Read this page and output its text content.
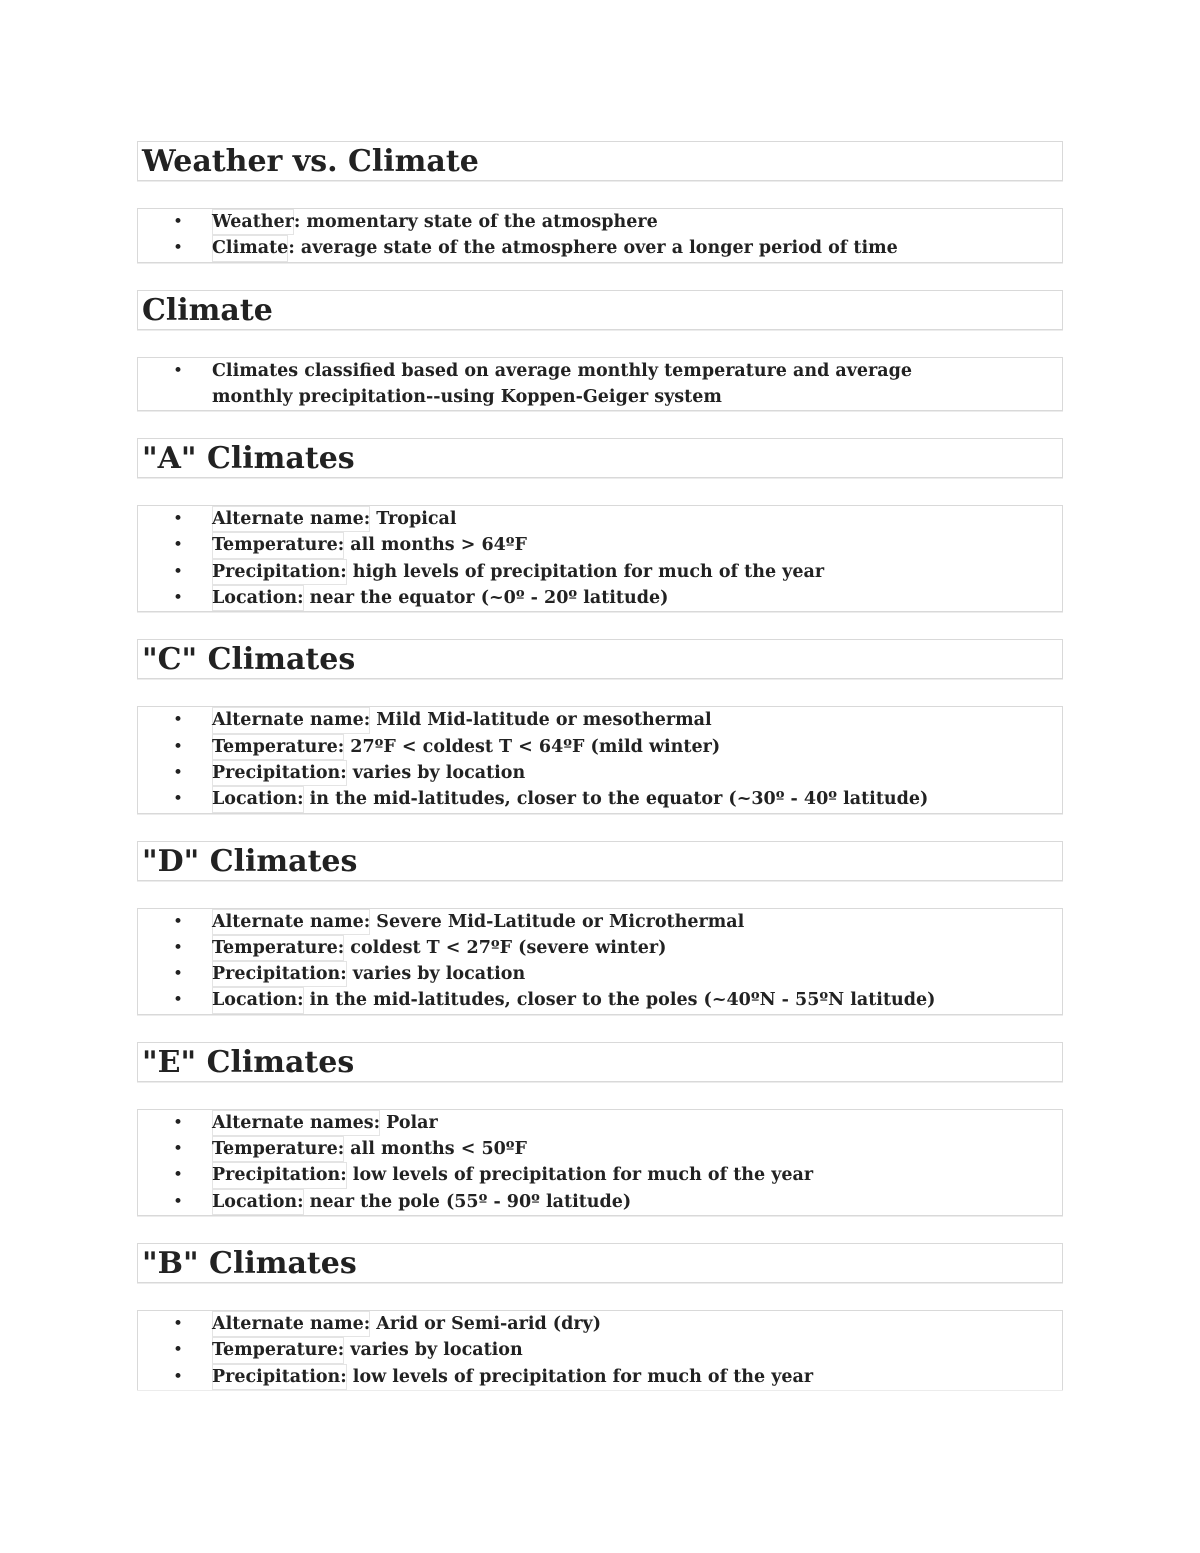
Weather vs. Climate
• Weather: momentary state of the atmosphere
• Climate: average state of the atmosphere over a longer period of time
Climate
• Climates classified based on average monthly temperature and average monthly precipitation--using Koppen-Geiger system
"A" Climates
• Alternate name: Tropical
• Temperature: all months > 64ºF
• Precipitation: high levels of precipitation for much of the year
• Location: near the equator (~0º - 20º latitude)
"C" Climates
• Alternate name: Mild Mid-latitude or mesothermal
• Temperature: 27ºF < coldest T < 64ºF (mild winter)
• Precipitation: varies by location
• Location: in the mid-latitudes, closer to the equator (~30º - 40º latitude)
"D" Climates
• Alternate name: Severe Mid-Latitude or Microthermal
• Temperature: coldest T < 27ºF (severe winter)
• Precipitation: varies by location
• Location: in the mid-latitudes, closer to the poles (~40ºN - 55ºN latitude)
"E" Climates
• Alternate names: Polar
• Temperature: all months < 50ºF
• Precipitation: low levels of precipitation for much of the year
• Location: near the pole (55º - 90º latitude)
"B" Climates
• Alternate name: Arid or Semi-arid (dry)
• Temperature: varies by location
• Precipitation: low levels of precipitation for much of the year
